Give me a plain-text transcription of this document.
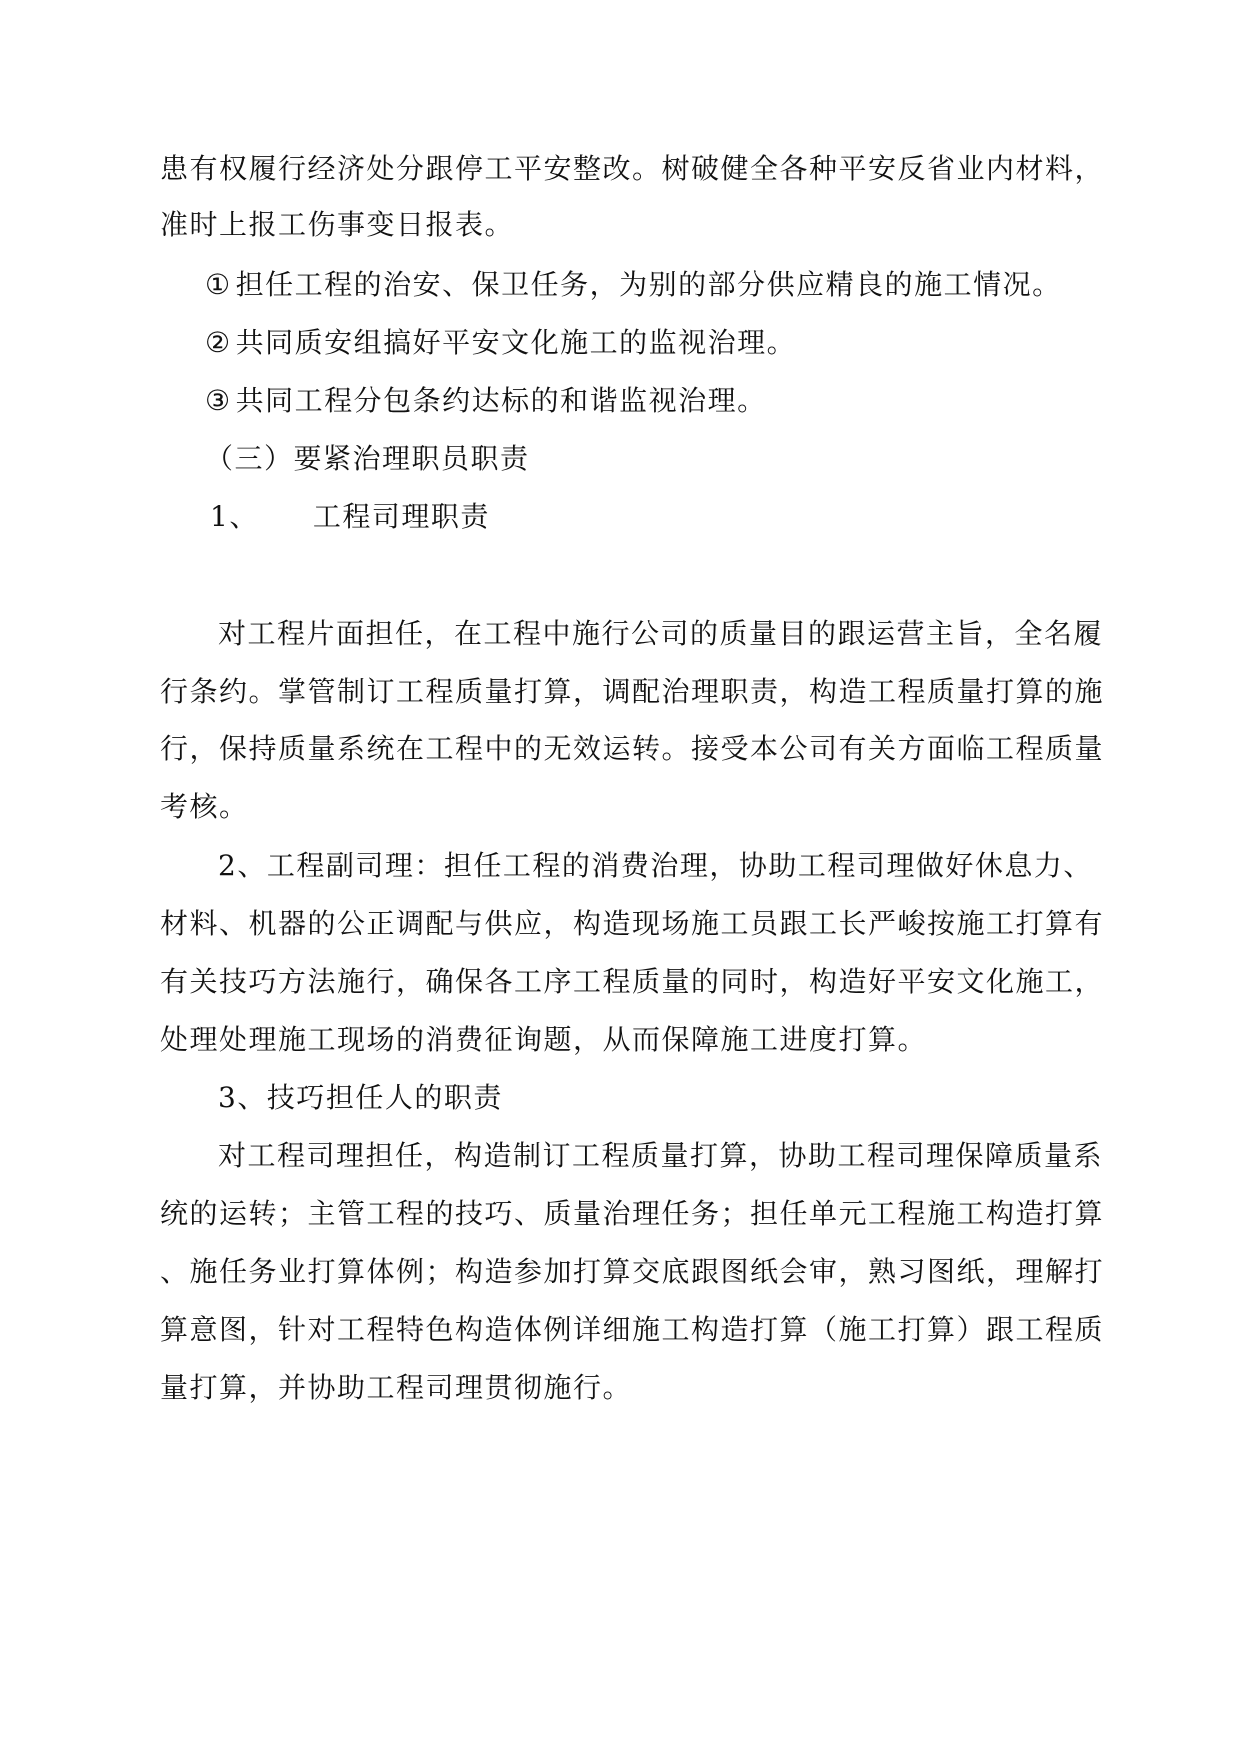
患有权履行经济处分跟停工平安整改。树破健全各种平安反省业内材料，
准时上报工伤事变日报表。
① 担任工程的治安、保卫任务，为别的部分供应精良的施工情况。
② 共同质安组搞好平安文化施工的监视治理。
③ 共同工程分包条约达标的和谐监视治理。
（三）要紧治理职员职责
1、 工程司理职责
对工程片面担任，在工程中施行公司的质量目的跟运营主旨，全名履
行条约。掌管制订工程质量打算，调配治理职责，构造工程质量打算的施
行，保持质量系统在工程中的无效运转。接受本公司有关方面临工程质量
考核。
2、工程副司理：担任工程的消费治理，协助工程司理做好休息力、
材料、机器的公正调配与供应，构造现场施工员跟工长严峻按施工打算有
有关技巧方法施行，确保各工序工程质量的同时，构造好平安文化施工，
处理处理施工现场的消费征询题，从而保障施工进度打算。
3、技巧担任人的职责
对工程司理担任，构造制订工程质量打算，协助工程司理保障质量系
统的运转；主管工程的技巧、质量治理任务；担任单元工程施工构造打算
、施任务业打算体例；构造参加打算交底跟图纸会审，熟习图纸，理解打
算意图，针对工程特色构造体例详细施工构造打算（施工打算）跟工程质
量打算，并协助工程司理贯彻施行。
